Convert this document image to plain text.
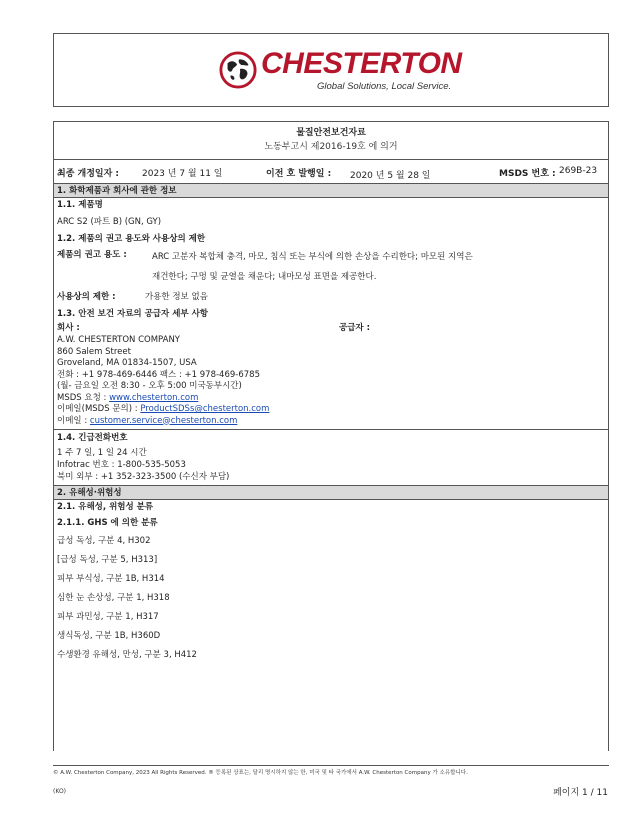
CHESTERTON
Global Solutions, Local Service.
물질안전보건자료
노동부고시 제2016-19호 에 의거
최종 개정일자 :	2023 년 7 월 11 일	이전 호 발행일 : 2020 년 5 월 28 일	MSDS 번호 : 269B-23
1. 화학제품과 회사에 관한 정보
1.1. 제품명
ARC S2 (파트 B) (GN, GY)
1.2. 제품의 권고 용도와 사용상의 제한
제품의 권고 용도 :	ARC 고분자 복합체 충격, 마모, 침식 또는 부식에 의한 손상을 수리한다; 마모된 지역은
재건한다; 구멍 및 균열을 채운다; 내마모성 표면을 제공한다.
사용상의 제한 :	가용한 정보 없음
1.3. 안전 보건 자료의 공급자 세부 사항
회사 :	공급자 :
A.W. CHESTERTON COMPANY
860 Salem Street
Groveland, MA 01834-1507, USA
전화 : +1 978-469-6446 팩스 : +1 978-469-6785
(월- 금요일 오전 8:30 - 오후 5:00 미국동부시간)
MSDS 요청 : www.chesterton.com
이메일(MSDS 문의) : ProductSDSs@chesterton.com
이메일 : customer.service@chesterton.com
1.4. 긴급전화번호
1 주 7 일, 1 일 24 시간
Infotrac 번호 : 1-800-535-5053
북미 외부 : +1 352-323-3500 (수신자 부담)
2. 유해성·위험성
2.1. 유해성, 위험성 분류
2.1.1. GHS 에 의한 분류
급성 독성, 구분 4, H302
[급성 독성, 구분 5, H313]
피부 부식성, 구분 1B, H314
심한 눈 손상성, 구분 1, H318
피부 과민성, 구분 1, H317
생식독성, 구분 1B, H360D
수생환경 유해성, 만성, 구분 3, H412
© A.W. Chesterton Company, 2023 All Rights Reserved. ® 등록된 상표는, 달리 명시하지 않는 한, 미국 및 타 국가에서 A.W. Chesterton Company 가 소유합니다.
(KO)	페이지 1 / 11
